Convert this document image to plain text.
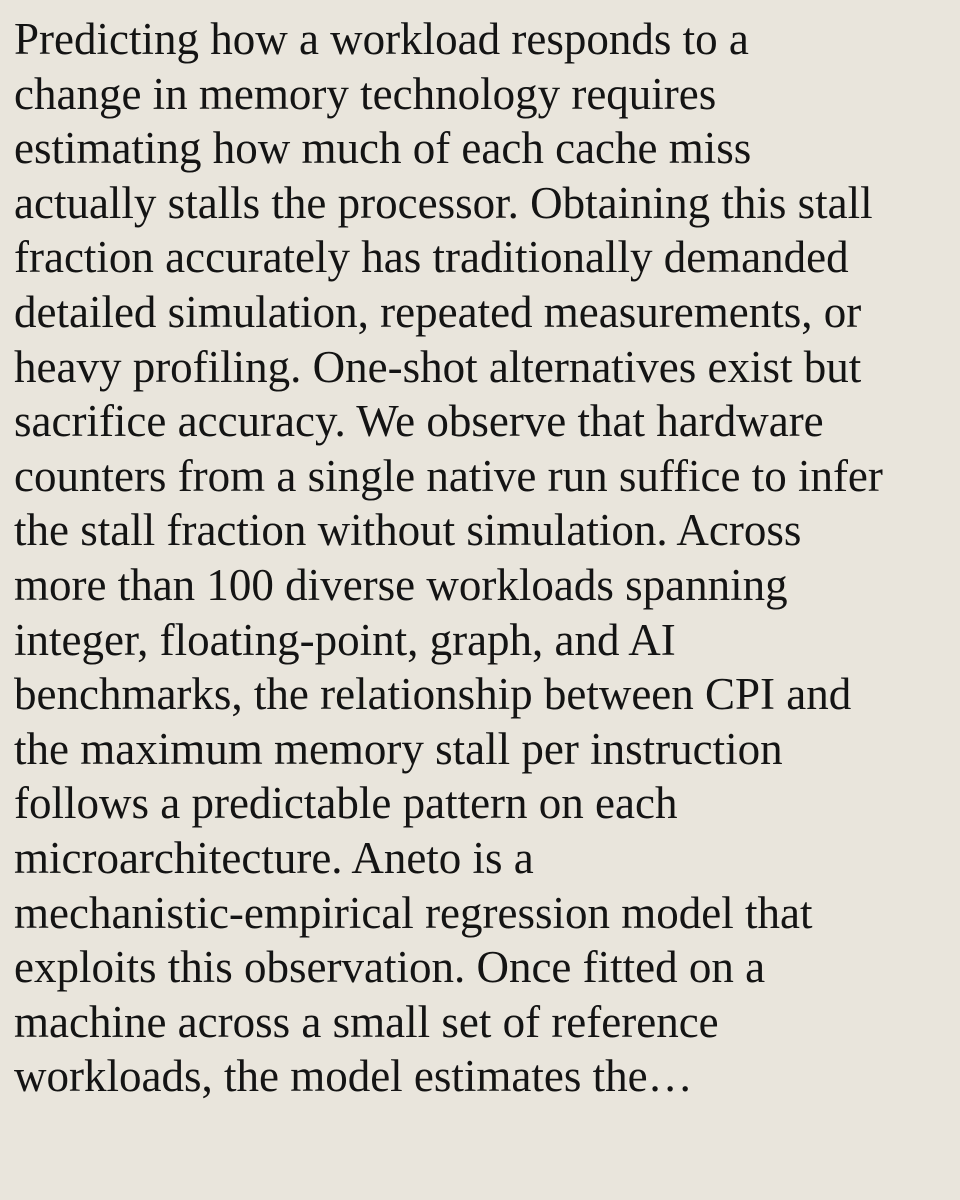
Predicting how a workload responds to a
change in memory technology requires
estimating how much of each cache miss
actually stalls the processor. Obtaining this stall
fraction accurately has traditionally demanded
detailed simulation, repeated measurements, or
heavy profiling. One-shot alternatives exist but
sacrifice accuracy. We observe that hardware
counters from a single native run suffice to infer
the stall fraction without simulation. Across
more than 100 diverse workloads spanning
integer, floating-point, graph, and AI
benchmarks, the relationship between CPI and
the maximum memory stall per instruction
follows a predictable pattern on each
microarchitecture. Aneto is a
mechanistic-empirical regression model that
exploits this observation. Once fitted on a
machine across a small set of reference
workloads, the model estimates the…
